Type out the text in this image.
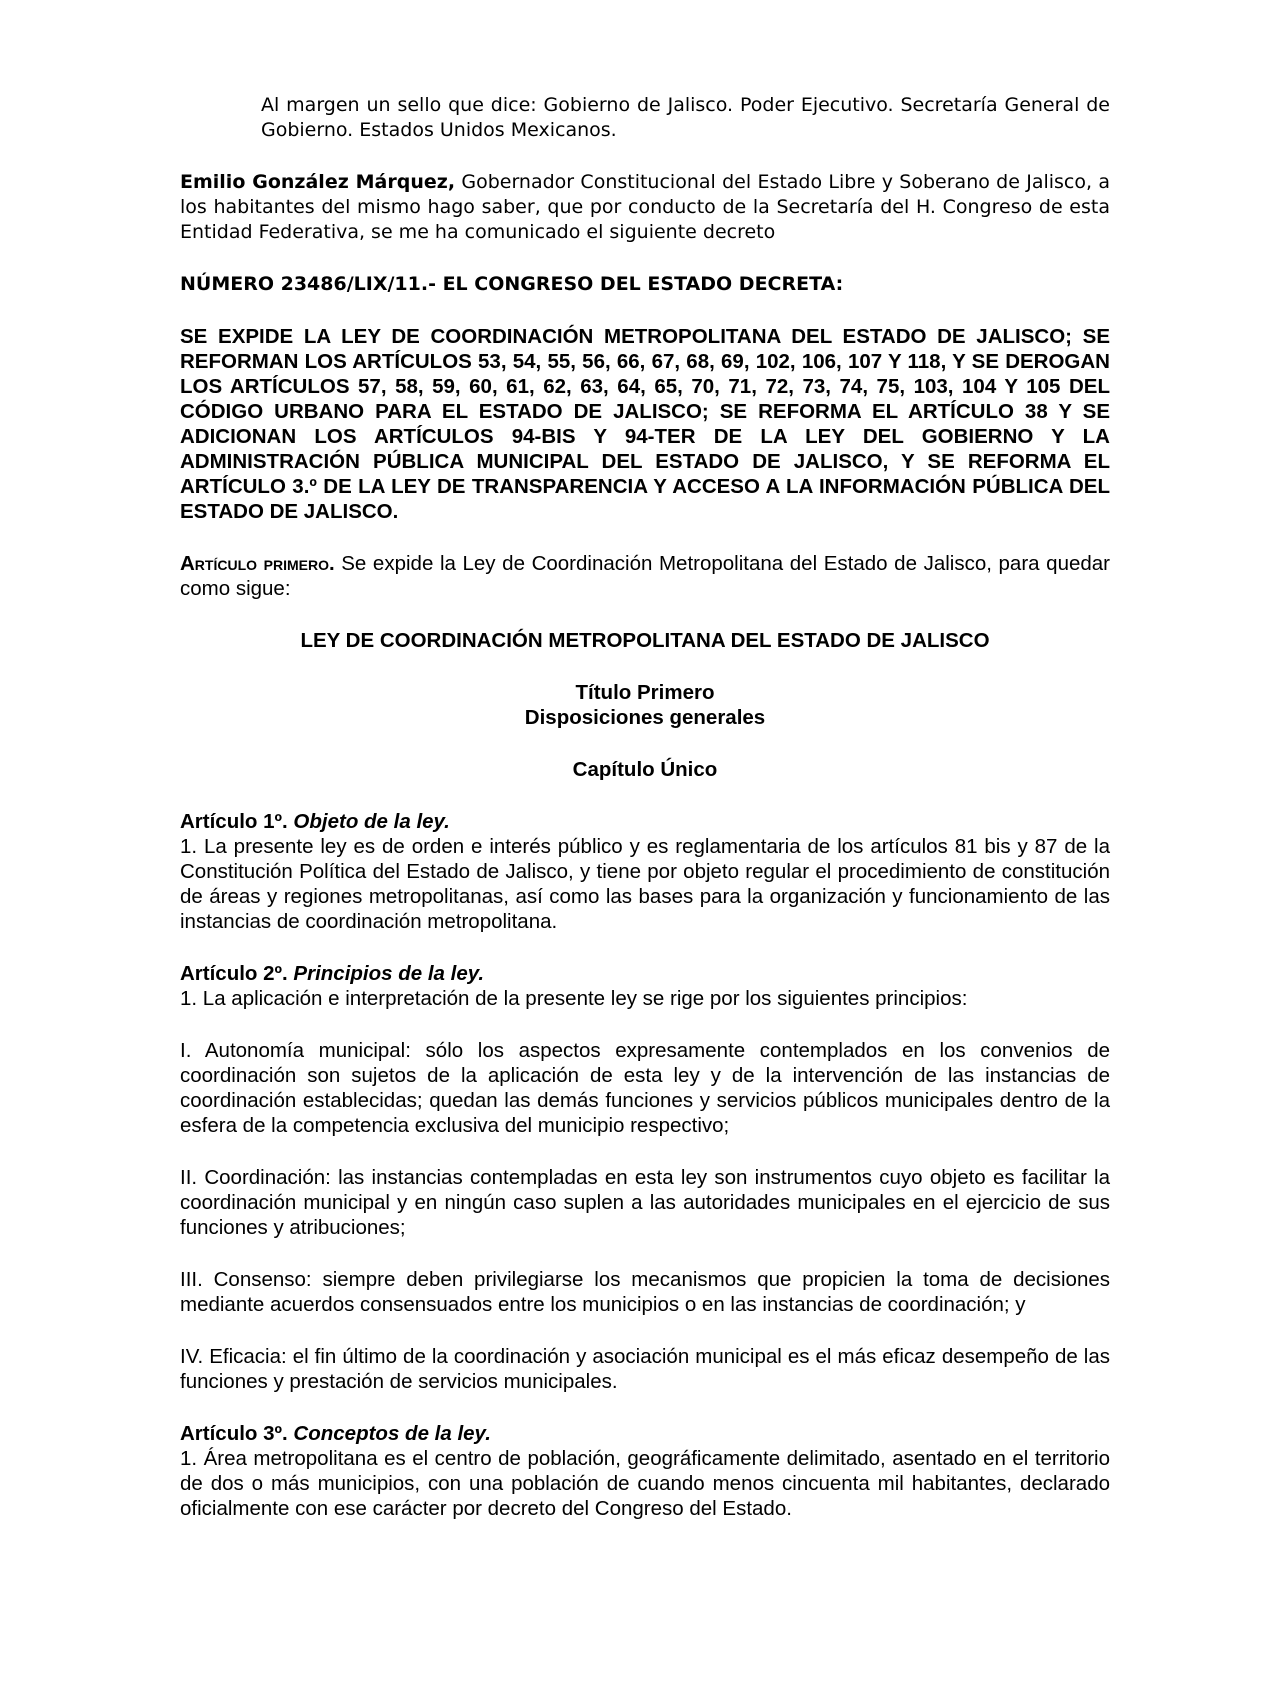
Al margen un sello que dice: Gobierno de Jalisco. Poder Ejecutivo. Secretaría General de Gobierno. Estados Unidos Mexicanos.

Emilio González Márquez, Gobernador Constitucional del Estado Libre y Soberano de Jalisco, a los habitantes del mismo hago saber, que por conducto de la Secretaría del H. Congreso de esta Entidad Federativa, se me ha comunicado el siguiente decreto

NÚMERO 23486/LIX/11.- EL CONGRESO DEL ESTADO DECRETA:

SE EXPIDE LA LEY DE COORDINACIÓN METROPOLITANA DEL ESTADO DE JALISCO; SE REFORMAN LOS ARTÍCULOS 53, 54, 55, 56, 66, 67, 68, 69, 102, 106, 107 Y 118, Y SE DEROGAN LOS ARTÍCULOS 57, 58, 59, 60, 61, 62, 63, 64, 65, 70, 71, 72, 73, 74, 75, 103, 104 Y 105 DEL CÓDIGO URBANO PARA EL ESTADO DE JALISCO; SE REFORMA EL ARTÍCULO 38 Y SE ADICIONAN LOS ARTÍCULOS 94-BIS Y 94-TER DE LA LEY DEL GOBIERNO Y LA ADMINISTRACIÓN PÚBLICA MUNICIPAL DEL ESTADO DE JALISCO, Y SE REFORMA EL ARTÍCULO 3.º DE LA LEY DE TRANSPARENCIA Y ACCESO A LA INFORMACIÓN PÚBLICA DEL ESTADO DE JALISCO.

Artículo primero. Se expide la Ley de Coordinación Metropolitana del Estado de Jalisco, para quedar como sigue:

LEY DE COORDINACIÓN METROPOLITANA DEL ESTADO DE JALISCO

Título Primero

Disposiciones generales

Capítulo Único

Artículo 1º. Objeto de la ley.

1. La presente ley es de orden e interés público y es reglamentaria de los artículos 81 bis y 87 de la Constitución Política del Estado de Jalisco, y tiene por objeto regular el procedimiento de constitución de áreas y regiones metropolitanas, así como las bases para la organización y funcionamiento de las instancias de coordinación metropolitana.

Artículo 2º. Principios de la ley.

1. La aplicación e interpretación de la presente ley se rige por los siguientes principios:

I. Autonomía municipal: sólo los aspectos expresamente contemplados en los convenios de coordinación son sujetos de la aplicación de esta ley y de la intervención de las instancias de coordinación establecidas; quedan las demás funciones y servicios públicos municipales dentro de la esfera de la competencia exclusiva del municipio respectivo;

II. Coordinación: las instancias contempladas en esta ley son instrumentos cuyo objeto es facilitar la coordinación municipal y en ningún caso suplen a las autoridades municipales en el ejercicio de sus funciones y atribuciones;

III. Consenso: siempre deben privilegiarse los mecanismos que propicien la toma de decisiones mediante acuerdos consensuados entre los municipios o en las instancias de coordinación; y

IV. Eficacia: el fin último de la coordinación y asociación municipal es el más eficaz desempeño de las funciones y prestación de servicios municipales.

Artículo 3º. Conceptos de la ley.

1. Área metropolitana es el centro de población, geográficamente delimitado, asentado en el territorio de dos o más municipios, con una población de cuando menos cincuenta mil habitantes, declarado oficialmente con ese carácter por decreto del Congreso del Estado.
